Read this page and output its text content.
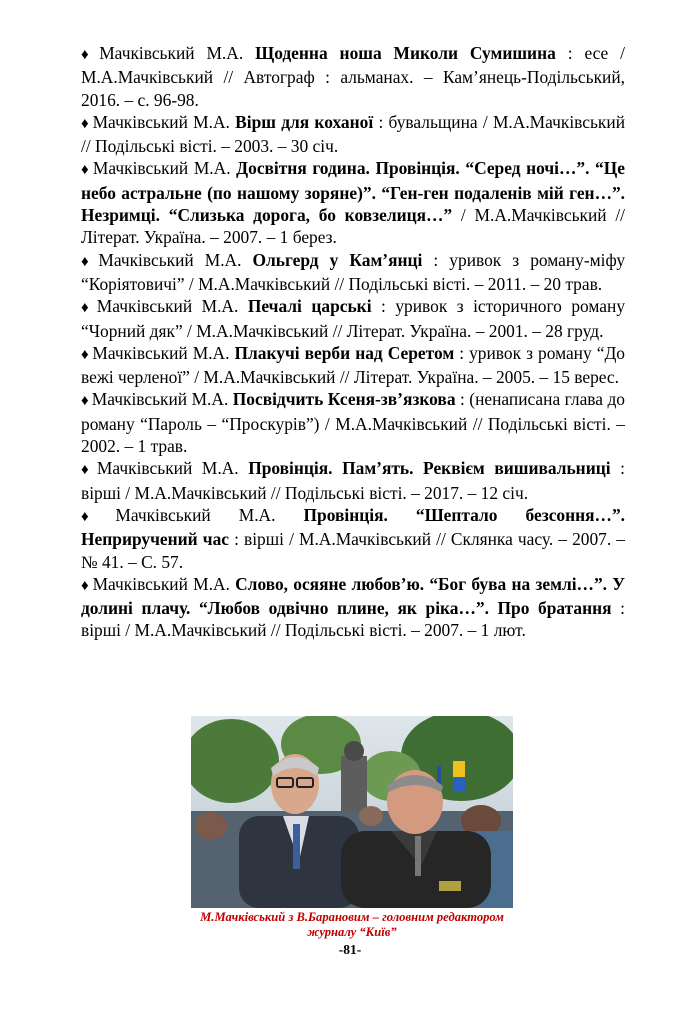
♦ Мачківський М.А. Щоденна ноша Миколи Сумишина : есе / М.А.Мачківський // Автограф : альманах. – Кам’янець-Подільський, 2016. – с. 96-98.

♦ Мачківський М.А. Вірш для коханої : бувальщина / М.А.Мачківський // Подільські вісті. – 2003. – 30 січ.

♦ Мачківський М.А. Досвітня година. Провінція. “Серед ночі…”. “Це небо астральне (по нашому зоряне)”. “Ген-ген подаленів мій ген…”. Незримці. “Слизька дорога, бо ковзелиця…” / М.А.Мачківський // Літерат. Україна. – 2007. – 1 берез.

♦ Мачківський М.А. Ольгерд у Кам’янці : уривок з роману-міфу “Коріятовичі” / М.А.Мачківський // Подільські вісті. – 2011. – 20 трав.

♦ Мачківський М.А. Печалі царські : уривок з історичного роману “Чорний дяк” / М.А.Мачківський // Літерат. Україна. – 2001. – 28 груд.

♦ Мачківський М.А. Плакучі верби над Серетом : уривок з роману “До вежі черленої” / М.А.Мачківський // Літерат. Україна. – 2005. – 15 верес.

♦ Мачківський М.А. Посвідчить Ксеня-зв’язкова : (ненаписана глава до роману “Пароль – “Проскурів”) / М.А.Мачківський // Подільські вісті. – 2002. – 1 трав.

♦ Мачківський М.А. Провінція. Пам’ять. Реквієм вишивальниці : вірші / М.А.Мачківський // Подільські вісті. – 2017. – 12 січ.

♦ Мачківський М.А. Провінція. “Шептало безсоння…”. Неприручений час : вірші / М.А.Мачківський // Склянка часу. – 2007. – № 41. – С. 57.

♦ Мачківський М.А. Слово, осяяне любов’ю. “Бог бува на землі…”. У долині плачу. “Любов одвічно плине, як ріка…”. Про братання : вірші / М.А.Мачківський // Подільські вісті. – 2007. – 1 лют.

М.Мачківський з В.Барановим – головним редактором
журналу “Київ”
-81-
